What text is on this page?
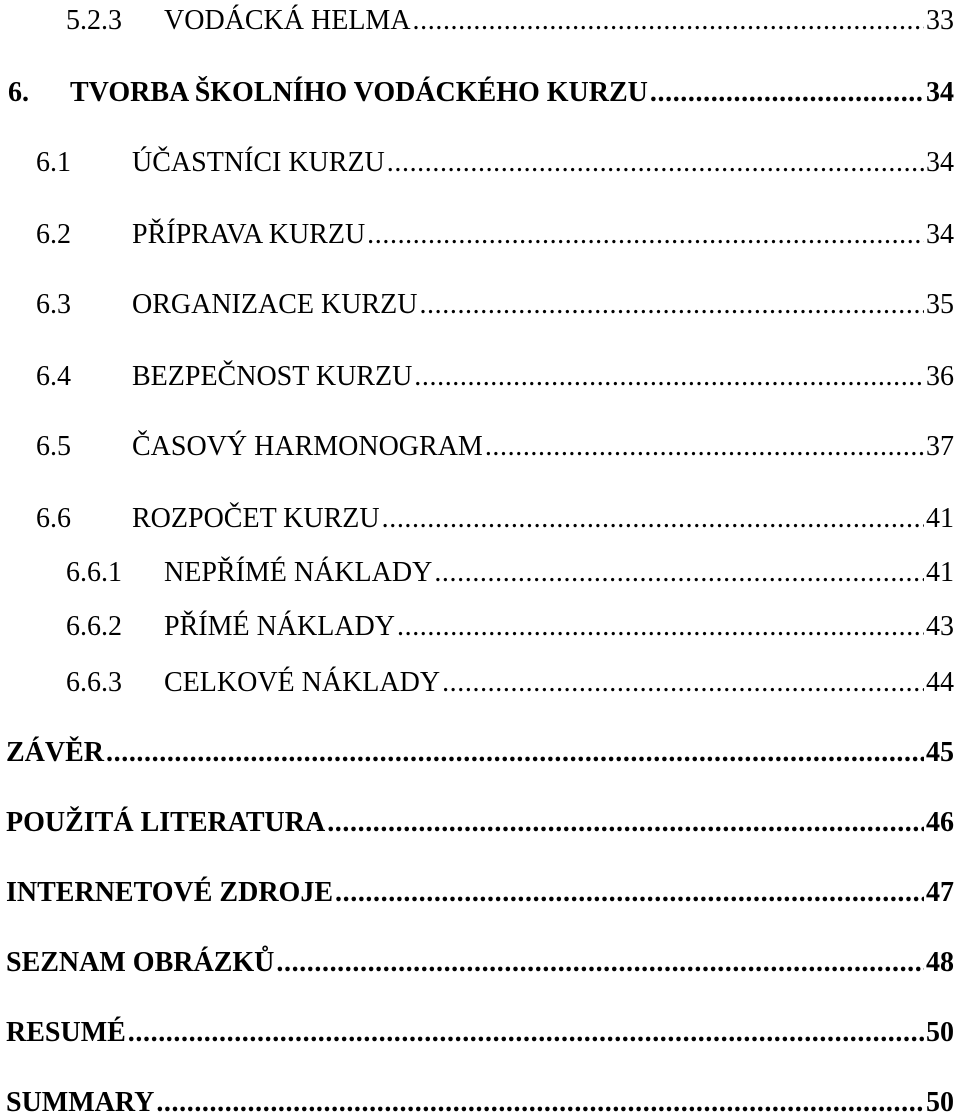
5.2.3	VODÁCKÁ HELMA . . .	33
6.	TVORBA ŠKOLNÍHO VODÁCKÉHO KURZU . . .	34
6.1	ÚČASTNÍCI KURZU . . .	34
6.2	PŘÍPRAVA KURZU . . .	34
6.3	ORGANIZACE KURZU . . .	35
6.4	BEZPEČNOST KURZU . . .	36
6.5	ČASOVÝ HARMONOGRAM . . .	37
6.6	ROZPOČET KURZU . . .	41
6.6.1	NEPŘÍMÉ NÁKLADY . . .	41
6.6.2	PŘÍMÉ NÁKLADY . . .	43
6.6.3	CELKOVÉ NÁKLADY . . .	44
ZÁVĚR . . .	45
POUŽITÁ LITERATURA . . .	46
INTERNETOVÉ ZDROJE . . .	47
SEZNAM OBRÁZKŮ . . .	48
RESUMÉ . . .	50
SUMMARY . . .	50
